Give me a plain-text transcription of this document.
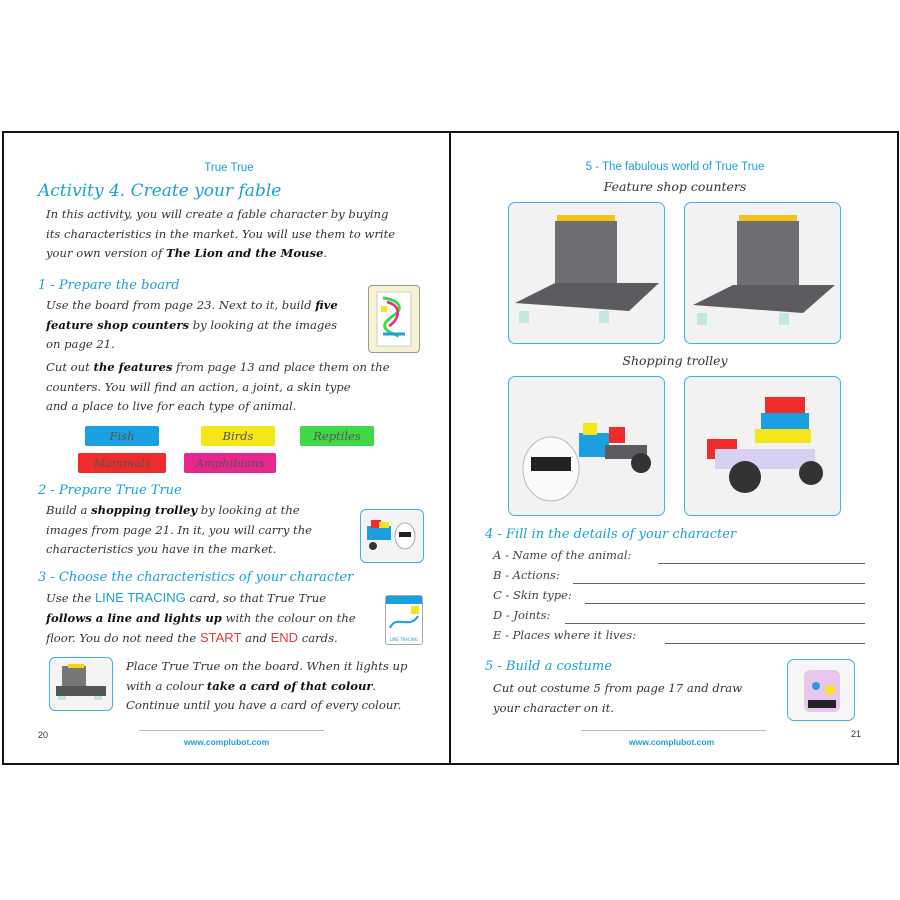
True True
Activity 4. Create your fable
In this activity, you will create a fable character by buying
its characteristics in the market. You will use them to write
your own version of The Lion and the Mouse.
1 - Prepare the board
Use the board from page 23. Next to it, build five
feature shop counters by looking at the images
on page 21.
Cut out the features from page 13 and place them on the
counters. You will find an action, a joint, a skin type
and a place to live for each type of animal.
Fish	Birds	Reptiles
Mammals	Amphibians
2 - Prepare True True
Build a shopping trolley by looking at the
images from page 21. In it, you will carry the
characteristics you have in the market.
3 - Choose the characteristics of your character
Use the LINE TRACING card, so that True True
follows a line and lights up with the colour on the
floor. You do not need the START and END cards.	LINE TRACING
Place True True on the board. When it lights up
with a colour take a card of that colour.
Continue until you have a card of every colour.
20
www.complubot.com
5 - The fabulous world of True True
Feature shop counters
Shopping trolley
4 - Fill in the details of your character
A - Name of the animal:
B - Actions:
C - Skin type:
D - Joints:
E - Places where it lives:
5 - Build a costume
Cut out costume 5 from page 17 and draw
your character on it.
www.complubot.com
21
